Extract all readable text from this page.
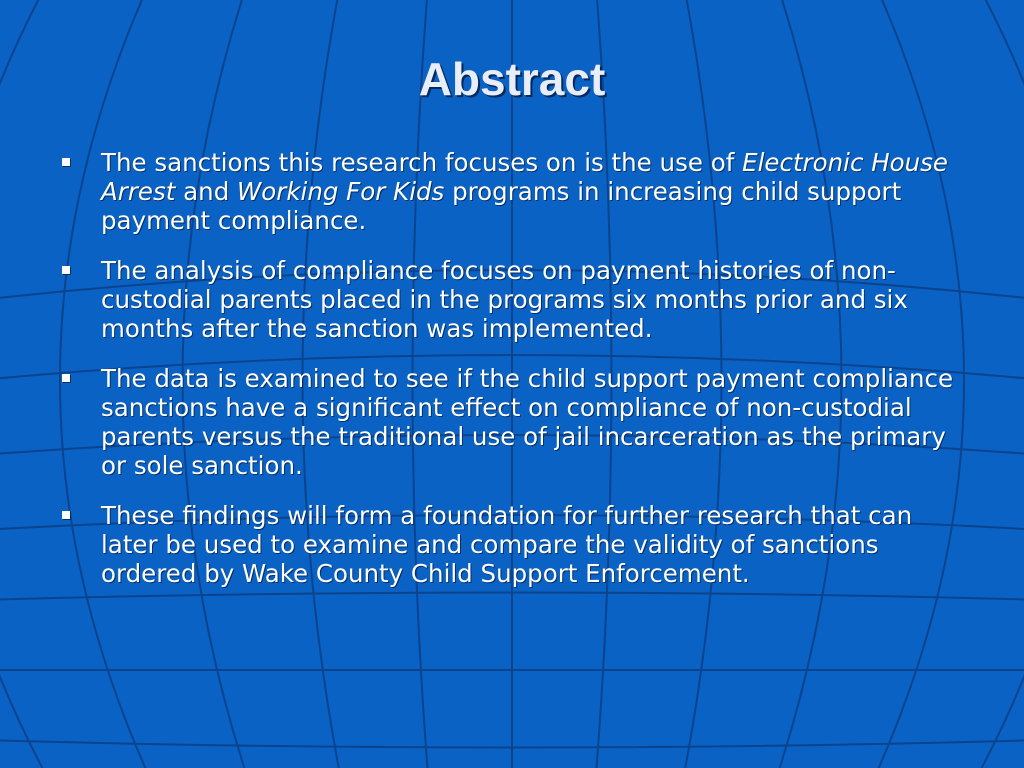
Abstract
The sanctions this research focuses on is the use of Electronic House Arrest and Working For Kids programs in increasing child support payment compliance.
The analysis of compliance focuses on payment histories of non-custodial parents placed in the programs six months prior and six months after the sanction was implemented.
The data is examined to see if the child support payment compliance sanctions have a significant effect on compliance of non-custodial parents versus the traditional use of jail incarceration as the primary or sole sanction.
These findings will form a foundation for further research that can later be used to examine and compare the validity of sanctions ordered by Wake County Child Support Enforcement.
